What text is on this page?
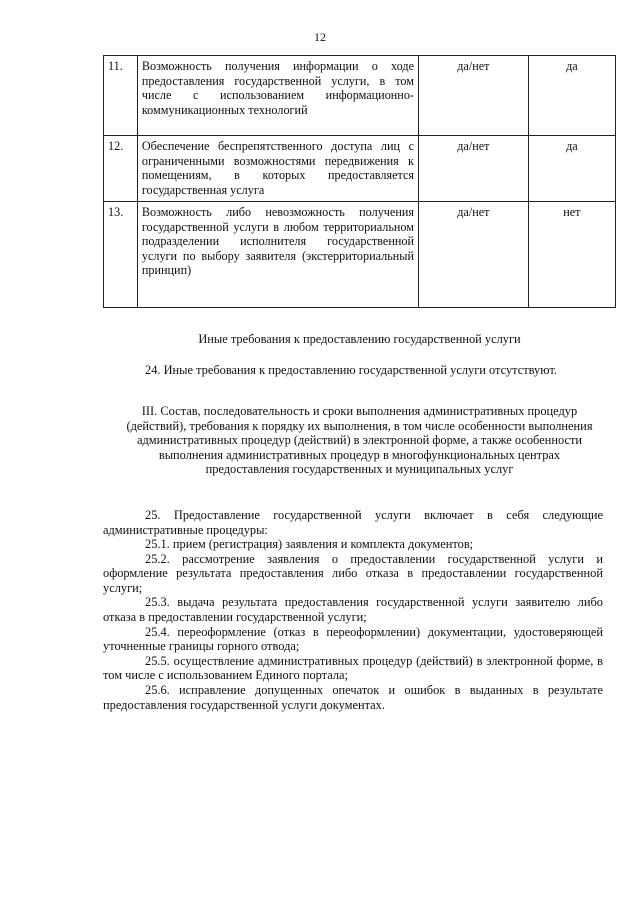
12
11.	Возможность получения информации о ходе предоставления государственной услуги, в том числе с использованием информационно-коммуникационных технологий	да/нет	да
12.	Обеспечение беспрепятственного доступа лиц с ограниченными возможностями передвижения к помещениям, в которых предоставляется государственная услуга	да/нет	да
13.	Возможность либо невозможность получения государственной услуги в любом территориальном подразделении исполнителя государственной услуги по выбору заявителя (экстерриториальный принцип)	да/нет	нет
Иные требования к предоставлению государственной услуги
24. Иные требования к предоставлению государственной услуги отсутствуют.
III. Состав, последовательность и сроки выполнения административных процедур (действий), требования к порядку их выполнения, в том числе особенности выполнения административных процедур (действий) в электронной форме, а также особенности выполнения административных процедур в многофункциональных центрах предоставления государственных и муниципальных услуг
25. Предоставление государственной услуги включает в себя следующие административные процедуры:

25.1. прием (регистрация) заявления и комплекта документов;

25.2. рассмотрение заявления о предоставлении государственной услуги и оформление результата предоставления либо отказа в предоставлении государственной услуги;

25.3. выдача результата предоставления государственной услуги заявителю либо отказа в предоставлении государственной услуги;

25.4. переоформление (отказ в переоформлении) документации, удостоверяющей уточненные границы горного отвода;

25.5. осуществление административных процедур (действий) в электронной форме, в том числе с использованием Единого портала;

25.6. исправление допущенных опечаток и ошибок в выданных в результате предоставления государственной услуги документах.
